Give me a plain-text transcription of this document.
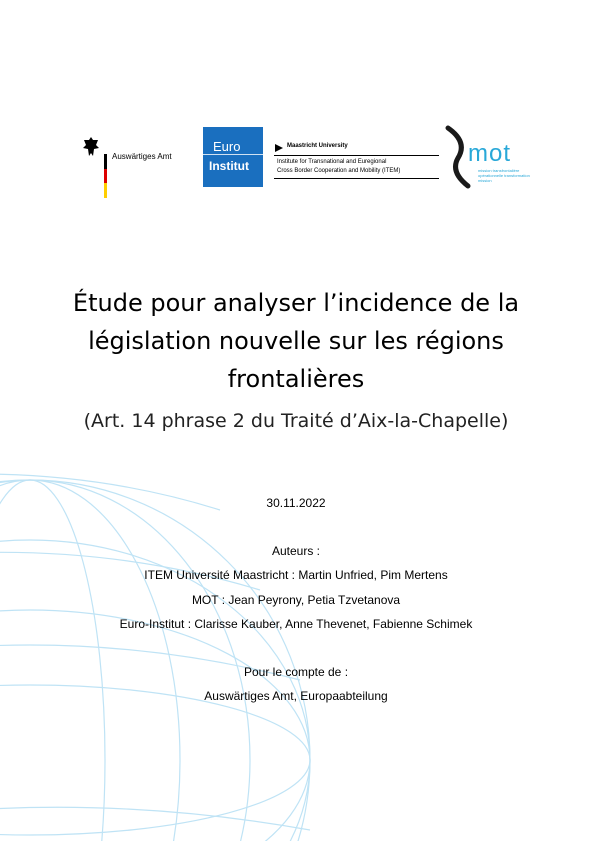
Auswärtiges Amt
Euro
Institut
Maastricht University
Institute for Transnational and Euregional
Cross Border Cooperation and Mobility (ITEM)
mot
mission transfrontalière opérationnelle transformation mission
Étude pour analyser l’incidence de la
législation nouvelle sur les régions
frontalières
(Art. 14 phrase 2 du Traité d’Aix-la-Chapelle)
30.11.2022
Auteurs :
ITEM Université Maastricht : Martin Unfried, Pim Mertens
MOT : Jean Peyrony, Petia Tzvetanova
Euro-Institut : Clarisse Kauber, Anne Thevenet, Fabienne Schimek
Pour le compte de :
Auswärtiges Amt, Europaabteilung
